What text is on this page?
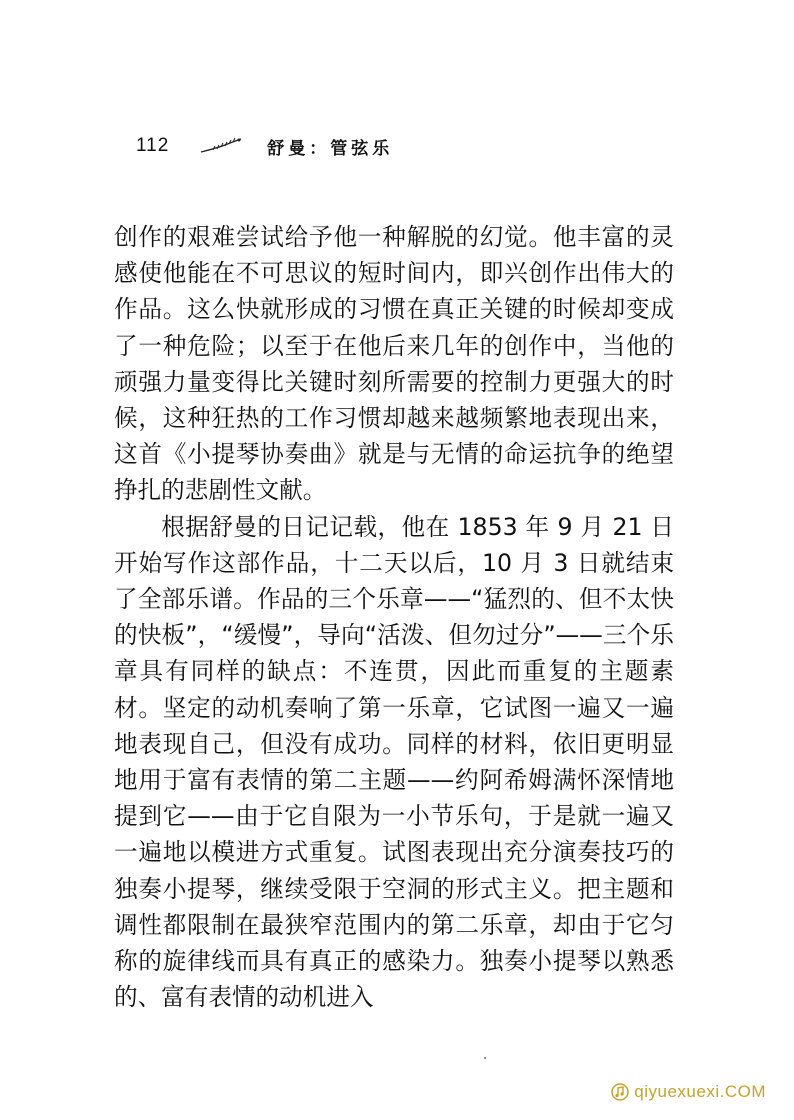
112	舒曼：管弦乐

创作的艰难尝试给予他一种解脱的幻觉。他丰富的灵感使他能在不可思议的短时间内，即兴创作出伟大的作品。这么快就形成的习惯在真正关键的时候却变成了一种危险；以至于在他后来几年的创作中，当他的顽强力量变得比关键时刻所需要的控制力更强大的时候，这种狂热的工作习惯却越来越频繁地表现出来，这首《小提琴协奏曲》就是与无情的命运抗争的绝望挣扎的悲剧性文献。

根据舒曼的日记记载，他在 1853 年 9 月 21 日开始写作这部作品，十二天以后，10 月 3 日就结束了全部乐谱。作品的三个乐章——“猛烈的、但不太快的快板”，“缓慢”，导向“活泼、但勿过分”——三个乐章具有同样的缺点：不连贯，因此而重复的主题素材。坚定的动机奏响了第一乐章，它试图一遍又一遍地表现自己，但没有成功。同样的材料，依旧更明显地用于富有表情的第二主题——约阿希姆满怀深情地提到它——由于它自限为一小节乐句，于是就一遍又一遍地以模进方式重复。试图表现出充分演奏技巧的独奏小提琴，继续受限于空洞的形式主义。把主题和调性都限制在最狭窄范围内的第二乐章，却由于它匀称的旋律线而具有真正的感染力。独奏小提琴以熟悉的、富有表情的动机进入

qiyuexuexi.COM
